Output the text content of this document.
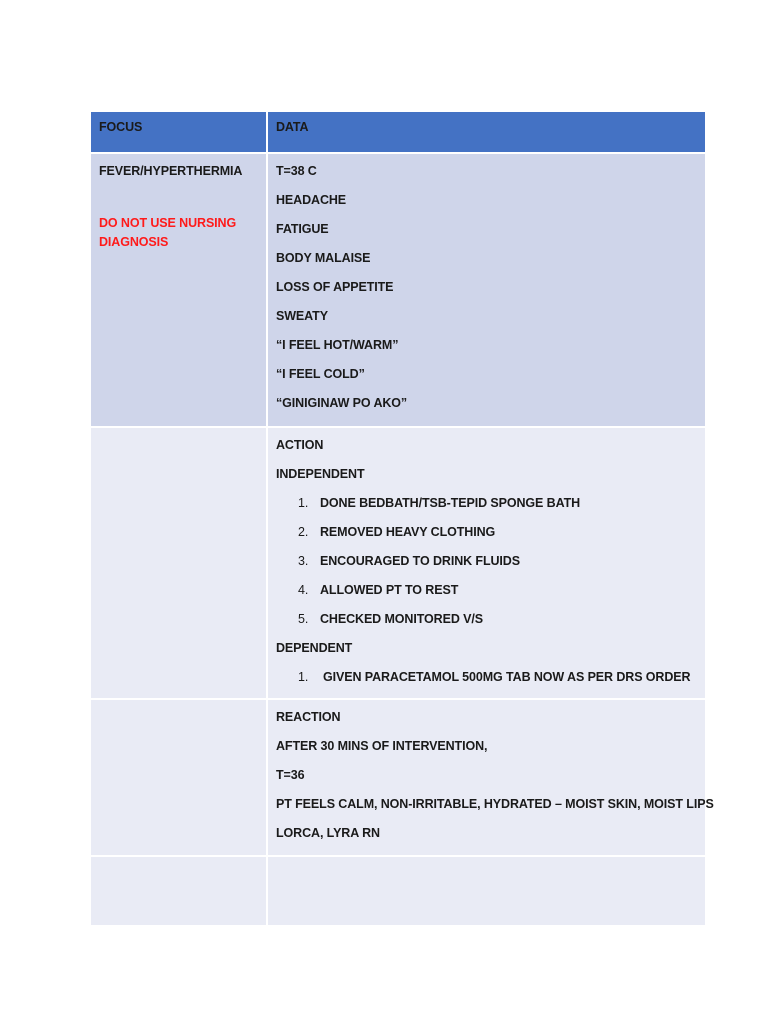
FOCUS	DATA
FEVER/HYPERTHERMIA
DO NOT USE NURSING DIAGNOSIS
T=38 C
HEADACHE
FATIGUE
BODY MALAISE
LOSS OF APPETITE
SWEATY
“I FEEL HOT/WARM”
“I FEEL COLD”
“GINIGINAW PO AKO”
ACTION
INDEPENDENT
1. DONE BEDBATH/TSB-TEPID SPONGE BATH
2. REMOVED HEAVY CLOTHING
3. ENCOURAGED TO DRINK FLUIDS
4. ALLOWED PT TO REST
5. CHECKED MONITORED V/S
DEPENDENT
1.	GIVEN PARACETAMOL 500MG TAB NOW AS PER DRS ORDER
REACTION
AFTER 30 MINS OF INTERVENTION,
T=36
PT FEELS CALM, NON-IRRITABLE, HYDRATED – MOIST SKIN, MOIST LIPS
LORCA, LYRA RN
